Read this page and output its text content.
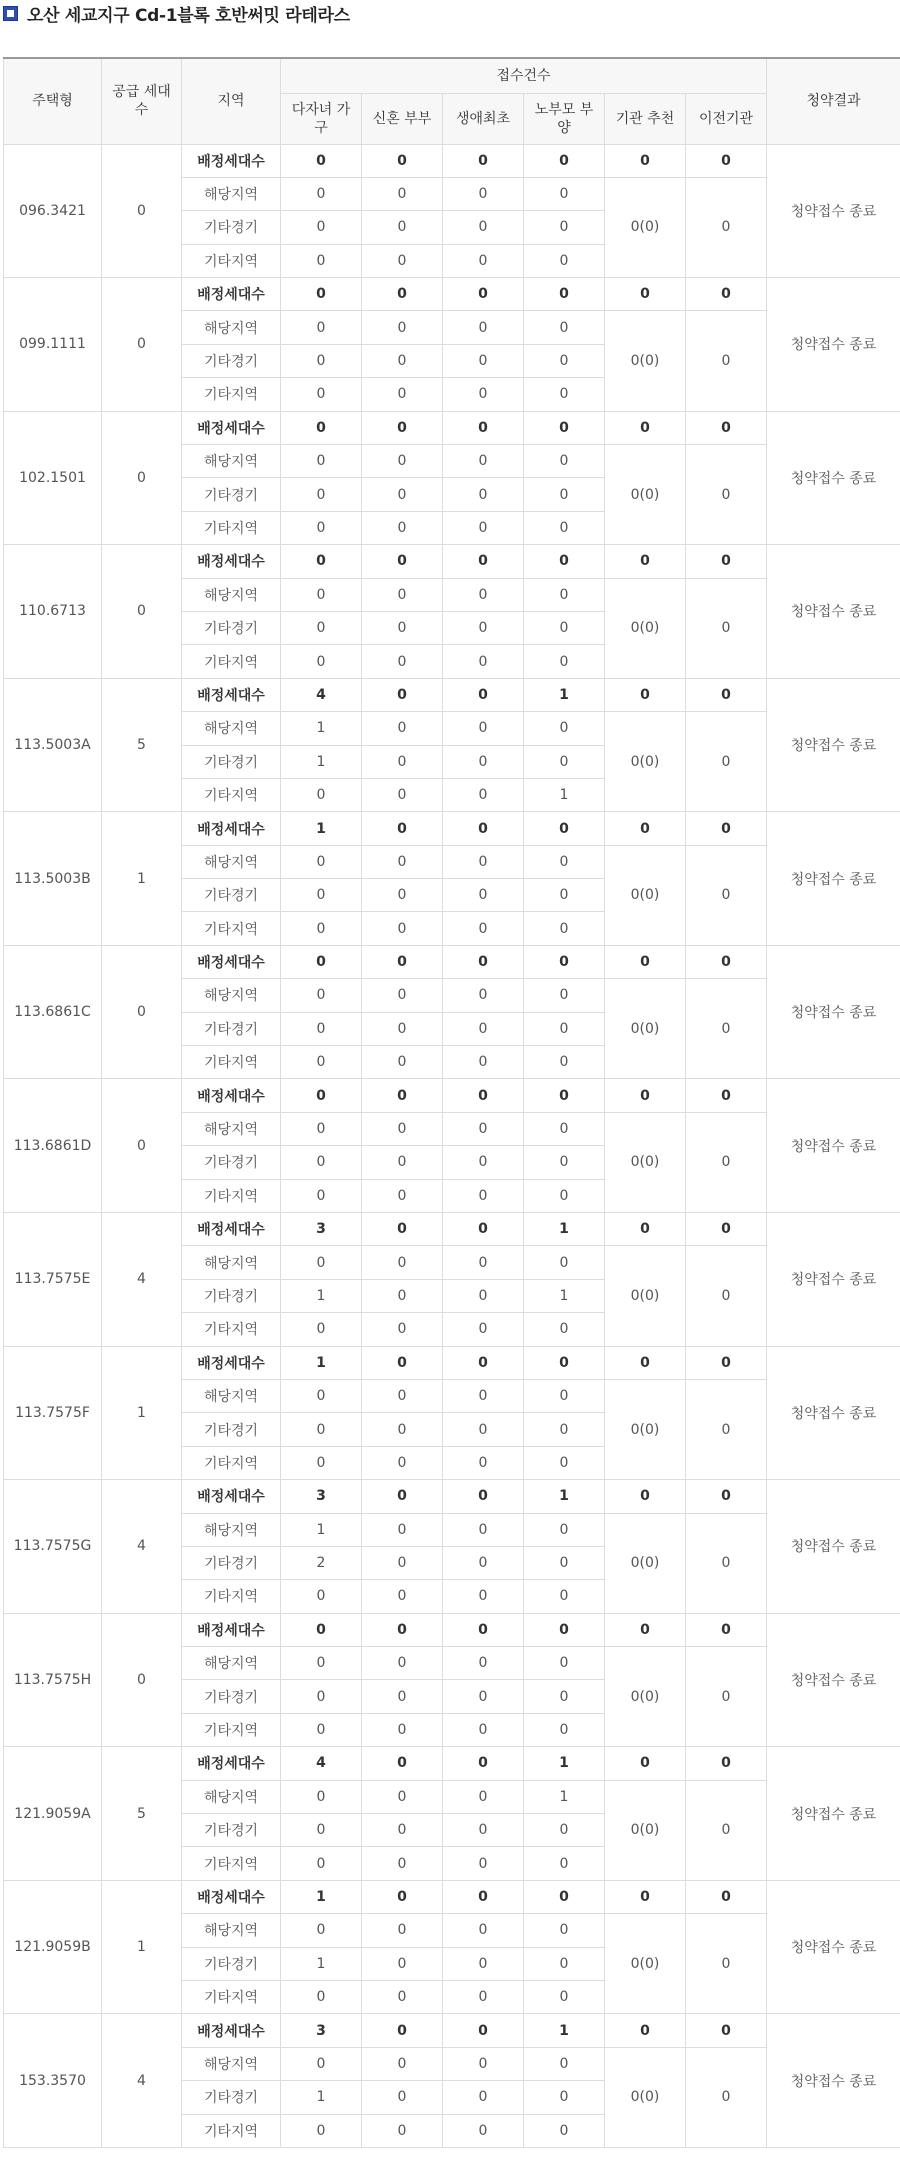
오산 세교지구 Cd-1블록 호반써밋 라테라스
주택형	공급 세대수	지역	접수건수						청약결과
			다자녀 가구	신혼 부부	생애최초	노부모 부양	기관 추천	이전기관	
096.3421	0	배정세대수	0	0	0	0	0	0	청약접수 종료
		해당지역	0	0	0	0	0(0)	0	
		기타경기	0	0	0	0			
		기타지역	0	0	0	0			
099.1111	0	배정세대수	0	0	0	0	0	0	청약접수 종료
		해당지역	0	0	0	0	0(0)	0	
		기타경기	0	0	0	0			
		기타지역	0	0	0	0			
102.1501	0	배정세대수	0	0	0	0	0	0	청약접수 종료
		해당지역	0	0	0	0	0(0)	0	
		기타경기	0	0	0	0			
		기타지역	0	0	0	0			
110.6713	0	배정세대수	0	0	0	0	0	0	청약접수 종료
		해당지역	0	0	0	0	0(0)	0	
		기타경기	0	0	0	0			
		기타지역	0	0	0	0			
113.5003A	5	배정세대수	4	0	0	1	0	0	청약접수 종료
		해당지역	1	0	0	0	0(0)	0	
		기타경기	1	0	0	0			
		기타지역	0	0	0	1			
113.5003B	1	배정세대수	1	0	0	0	0	0	청약접수 종료
		해당지역	0	0	0	0	0(0)	0	
		기타경기	0	0	0	0			
		기타지역	0	0	0	0			
113.6861C	0	배정세대수	0	0	0	0	0	0	청약접수 종료
		해당지역	0	0	0	0	0(0)	0	
		기타경기	0	0	0	0			
		기타지역	0	0	0	0			
113.6861D	0	배정세대수	0	0	0	0	0	0	청약접수 종료
		해당지역	0	0	0	0	0(0)	0	
		기타경기	0	0	0	0			
		기타지역	0	0	0	0			
113.7575E	4	배정세대수	3	0	0	1	0	0	청약접수 종료
		해당지역	0	0	0	0	0(0)	0	
		기타경기	1	0	0	1			
		기타지역	0	0	0	0			
113.7575F	1	배정세대수	1	0	0	0	0	0	청약접수 종료
		해당지역	0	0	0	0	0(0)	0	
		기타경기	0	0	0	0			
		기타지역	0	0	0	0			
113.7575G	4	배정세대수	3	0	0	1	0	0	청약접수 종료
		해당지역	1	0	0	0	0(0)	0	
		기타경기	2	0	0	0			
		기타지역	0	0	0	0			
113.7575H	0	배정세대수	0	0	0	0	0	0	청약접수 종료
		해당지역	0	0	0	0	0(0)	0	
		기타경기	0	0	0	0			
		기타지역	0	0	0	0			
121.9059A	5	배정세대수	4	0	0	1	0	0	청약접수 종료
		해당지역	0	0	0	1	0(0)	0	
		기타경기	0	0	0	0			
		기타지역	0	0	0	0			
121.9059B	1	배정세대수	1	0	0	0	0	0	청약접수 종료
		해당지역	0	0	0	0	0(0)	0	
		기타경기	1	0	0	0			
		기타지역	0	0	0	0			
153.3570	4	배정세대수	3	0	0	1	0	0	청약접수 종료
		해당지역	0	0	0	0	0(0)	0	
		기타경기	1	0	0	0			
		기타지역	0	0	0	0			
